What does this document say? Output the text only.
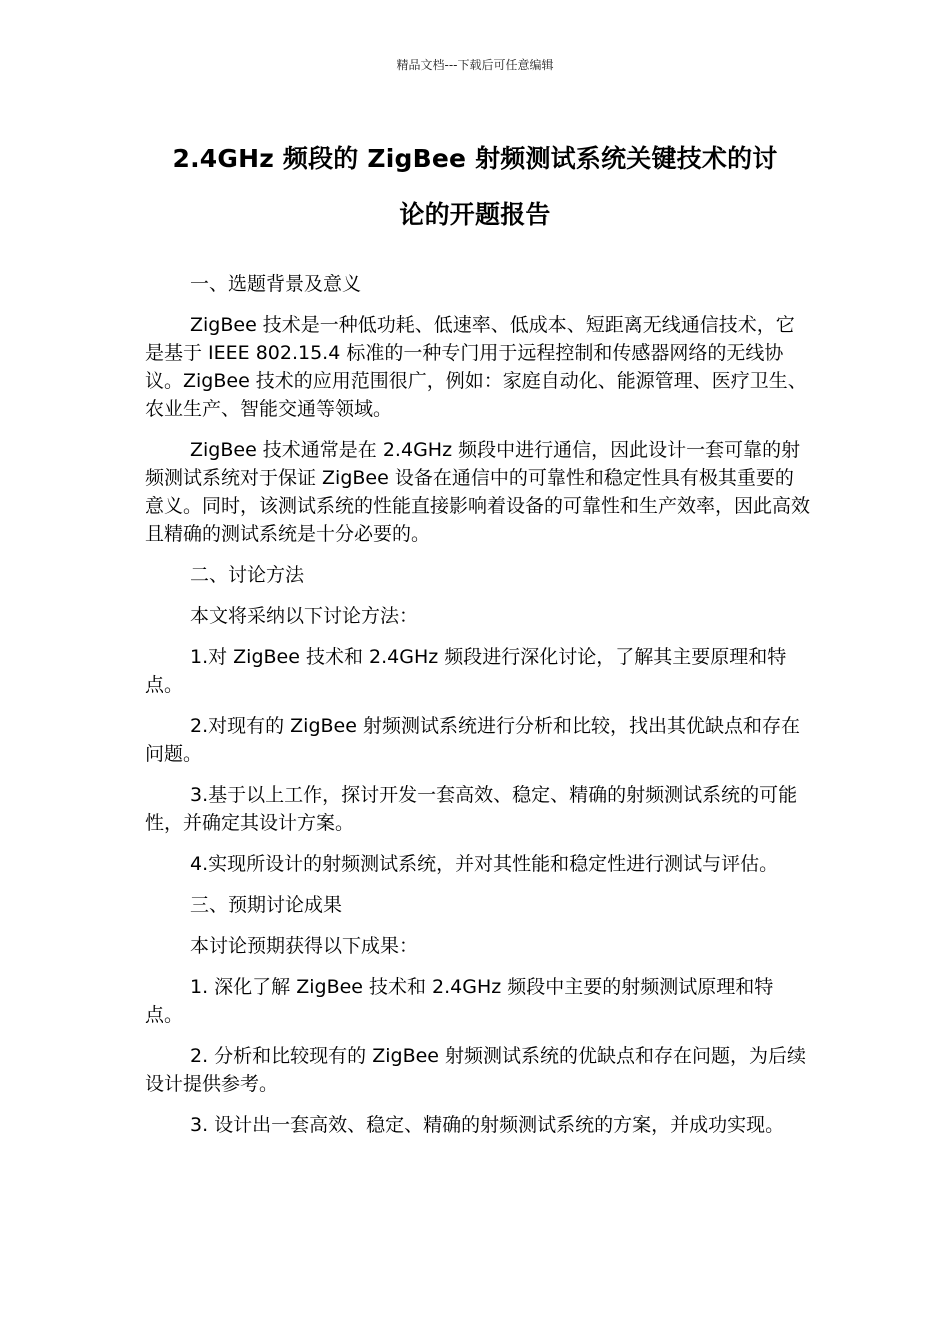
精品文档---下载后可任意编辑
2.4GHz 频段的 ZigBee 射频测试系统关键技术的讨
论的开题报告

一、选题背景及意义

ZigBee 技术是一种低功耗、低速率、低成本、短距离无线通信技术，它是基于 IEEE 802.15.4 标准的一种专门用于远程控制和传感器网络的无线协议。ZigBee 技术的应用范围很广，例如：家庭自动化、能源管理、医疗卫生、农业生产、智能交通等领域。

ZigBee 技术通常是在 2.4GHz 频段中进行通信，因此设计一套可靠的射频测试系统对于保证 ZigBee 设备在通信中的可靠性和稳定性具有极其重要的意义。同时，该测试系统的性能直接影响着设备的可靠性和生产效率，因此高效且精确的测试系统是十分必要的。

二、讨论方法

本文将采纳以下讨论方法：

1.对 ZigBee 技术和 2.4GHz 频段进行深化讨论，了解其主要原理和特点。

2.对现有的 ZigBee 射频测试系统进行分析和比较，找出其优缺点和存在问题。

3.基于以上工作，探讨开发一套高效、稳定、精确的射频测试系统的可能性，并确定其设计方案。

4.实现所设计的射频测试系统，并对其性能和稳定性进行测试与评估。

三、预期讨论成果

本讨论预期获得以下成果：

1. 深化了解 ZigBee 技术和 2.4GHz 频段中主要的射频测试原理和特点。

2. 分析和比较现有的 ZigBee 射频测试系统的优缺点和存在问题，为后续设计提供参考。

3. 设计出一套高效、稳定、精确的射频测试系统的方案，并成功实现。
